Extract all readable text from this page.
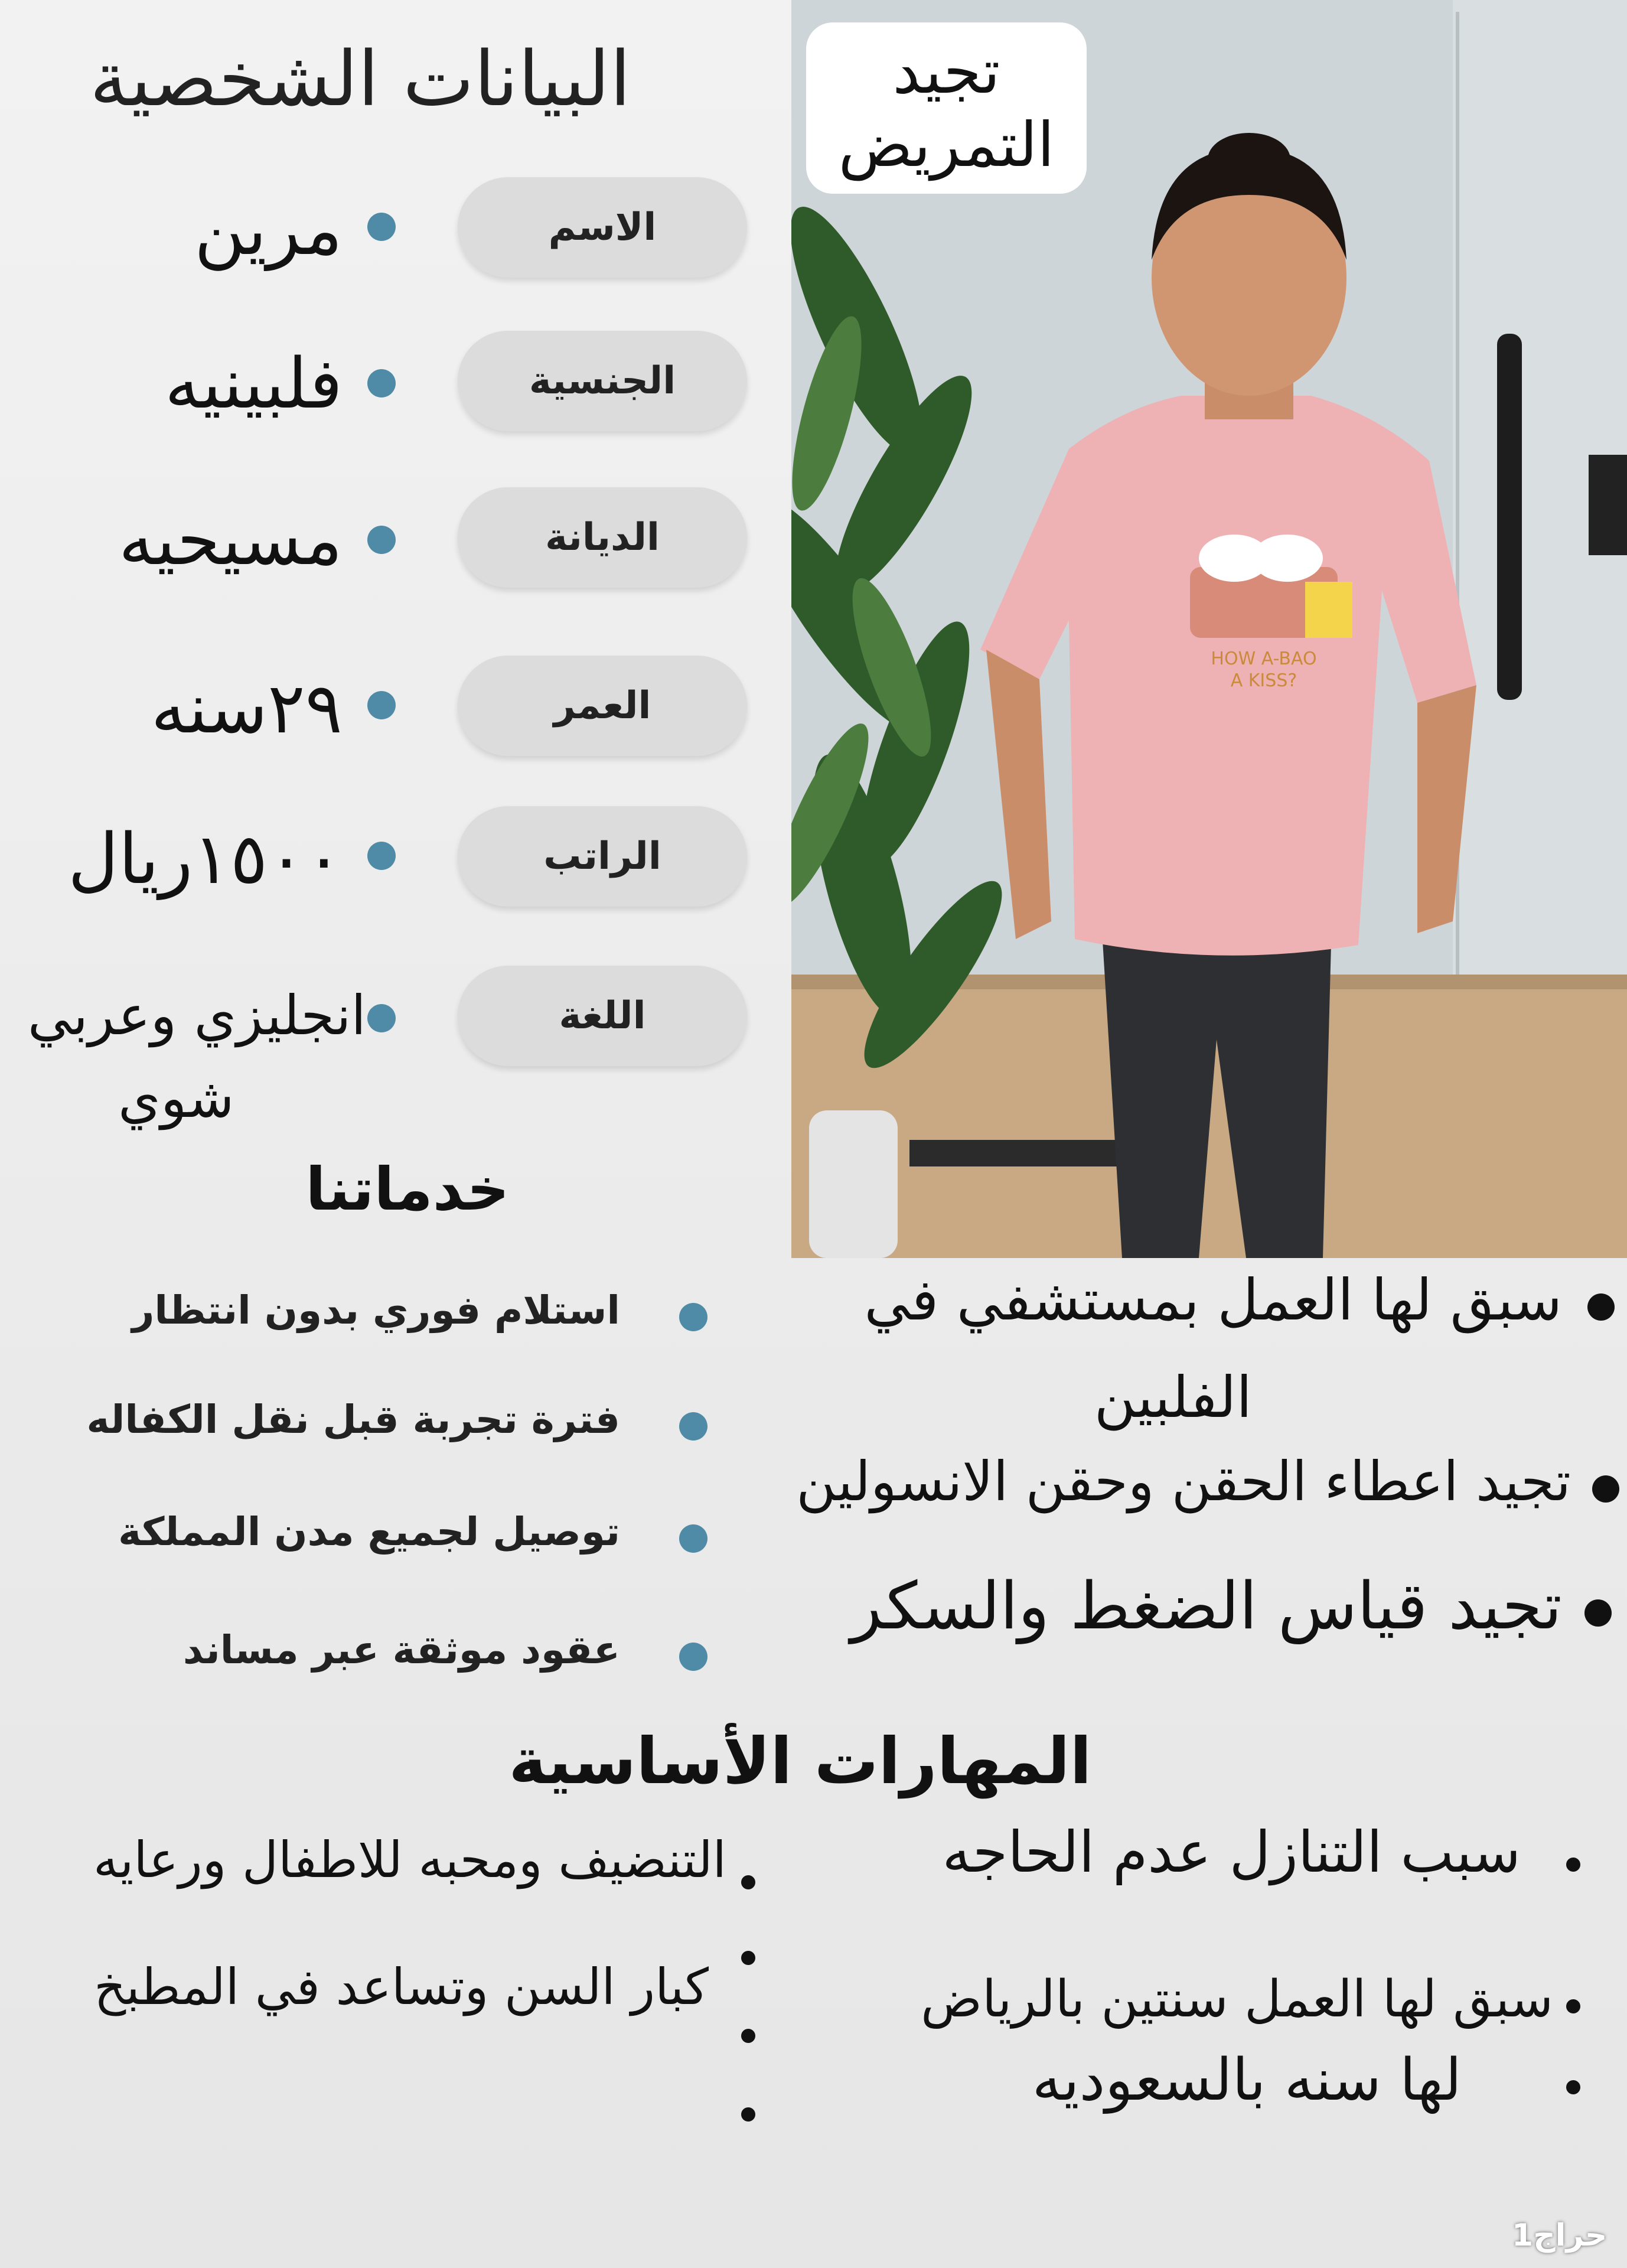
البيانات الشخصية
الاسم
مرين
الجنسية
فلبينيه
الديانة
مسيحيه
العمر
٢٩سنه
الراتب
١٥٠٠ريال
اللغة
انجليزي وعربي
شوي
خدماتنا
استلام فوري بدون انتظار
فترة تجربة قبل نقل الكفاله
توصيل لجميع مدن المملكة
عقود موثقة عبر مساند
HOW A-BAO
A KISS?
تجيد
التمريض
سبق لها العمل بمستشفي في
الفلبين
تجيد اعطاء الحقن وحقن الانسولين
تجيد قياس الضغط والسكر
المهارات الأساسية
التنضيف ومحبه للاطفال ورعايه
كبار السن وتساعد في المطبخ
سبب التنازل عدم الحاجه
سبق لها العمل سنتين بالرياض
لها سنه بالسعوديه
حراج1
